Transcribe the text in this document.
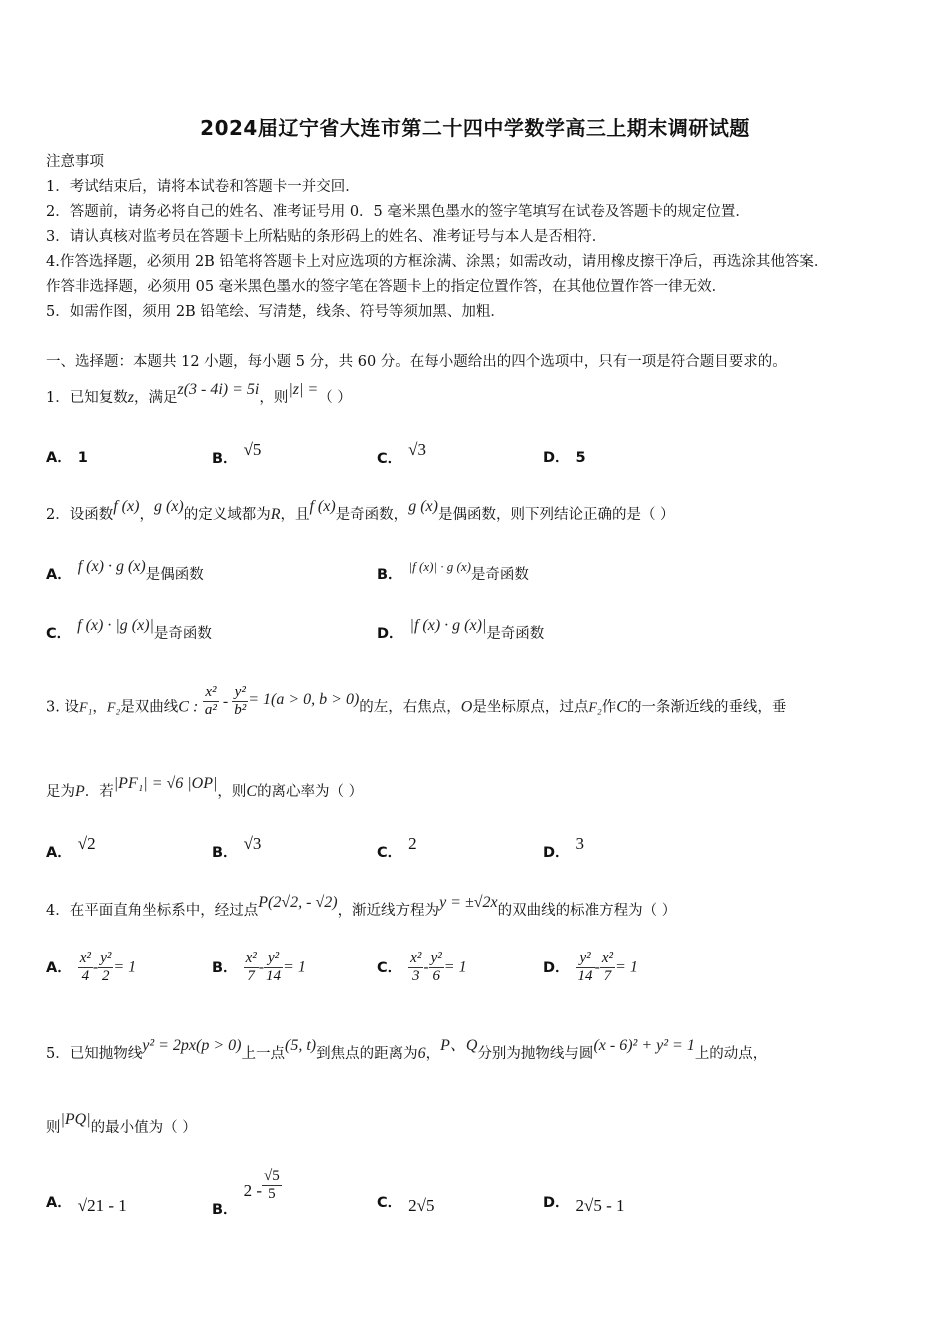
2024届辽宁省大连市第二十四中学数学高三上期末调研试题
注意事项
1．考试结束后，请将本试卷和答题卡一并交回．
2．答题前，请务必将自己的姓名、准考证号用 0．5 毫米黑色墨水的签字笔填写在试卷及答题卡的规定位置．
3．请认真核对监考员在答题卡上所粘贴的条形码上的姓名、准考证号与本人是否相符．
4.作答选择题，必须用 2B 铅笔将答题卡上对应选项的方框涂满、涂黑；如需改动，请用橡皮擦干净后，再选涂其他答案．
作答非选择题，必须用 05 毫米黑色墨水的签字笔在答题卡上的指定位置作答，在其他位置作答一律无效．
5．如需作图，须用 2B 铅笔绘、写清楚，线条、符号等须加黑、加粗．
一、选择题：本题共 12 小题，每小题 5 分，共 60 分。在每小题给出的四个选项中，只有一项是符合题目要求的。
1．已知复数z，满足z(3 - 4i) = 5i，则|z| =（ ）
A． 1	B． √5	C． √3	D． 5
2．设函数f (x)，g (x)的定义域都为R，且f (x)是奇函数，g (x)是偶函数，则下列结论正确的是（ ）
A． f (x) · g (x)是偶函数	B．|f (x)| · g (x)是奇函数
C． f (x) · |g (x)|是奇函数	D． |f (x) · g (x)|是奇函数
3. 设F₁，F₂是双曲线C : $\frac{\text{x²}}{\text{a²}} - \frac{\text{y²}}{\text{b²}} = 1(a > 0$, b > 0)的左，右焦点，O是坐标原点，过点F₂作C的一条渐近线的垂线，垂
足为P．若|PF₁| = √6 |OP|，则C的离心率为（ ）
A． √2	B． √3	C． 2	D． 3
4．在平面直角坐标系中，经过点P(2√2, - √2)，渐近线方程为y = ±√2x的双曲线的标准方程为（ ）
A． $\frac{\text{x²}}{4} - \frac{\text{y²}}{2} = 1$	B． $\frac{\text{x²}}{7} - \frac{\text{y²}}{14} = 1$	C． $\frac{\text{x²}}{3} - \frac{\text{y²}}{6} = 1$	D． $\frac{\text{y²}}{14} - \frac{\text{x²}}{7} = 1$
5．已知抛物线y² = 2px(p > 0)上一点(5, t)到焦点的距离为6，P、Q分别为抛物线与圆(x - 6)² + y² = 1上的动点，
则|PQ|的最小值为（ ）
A． √21 - 1	B．$2 - \frac{√5}{5}$	C． 2√5	D． 2√5 - 1
